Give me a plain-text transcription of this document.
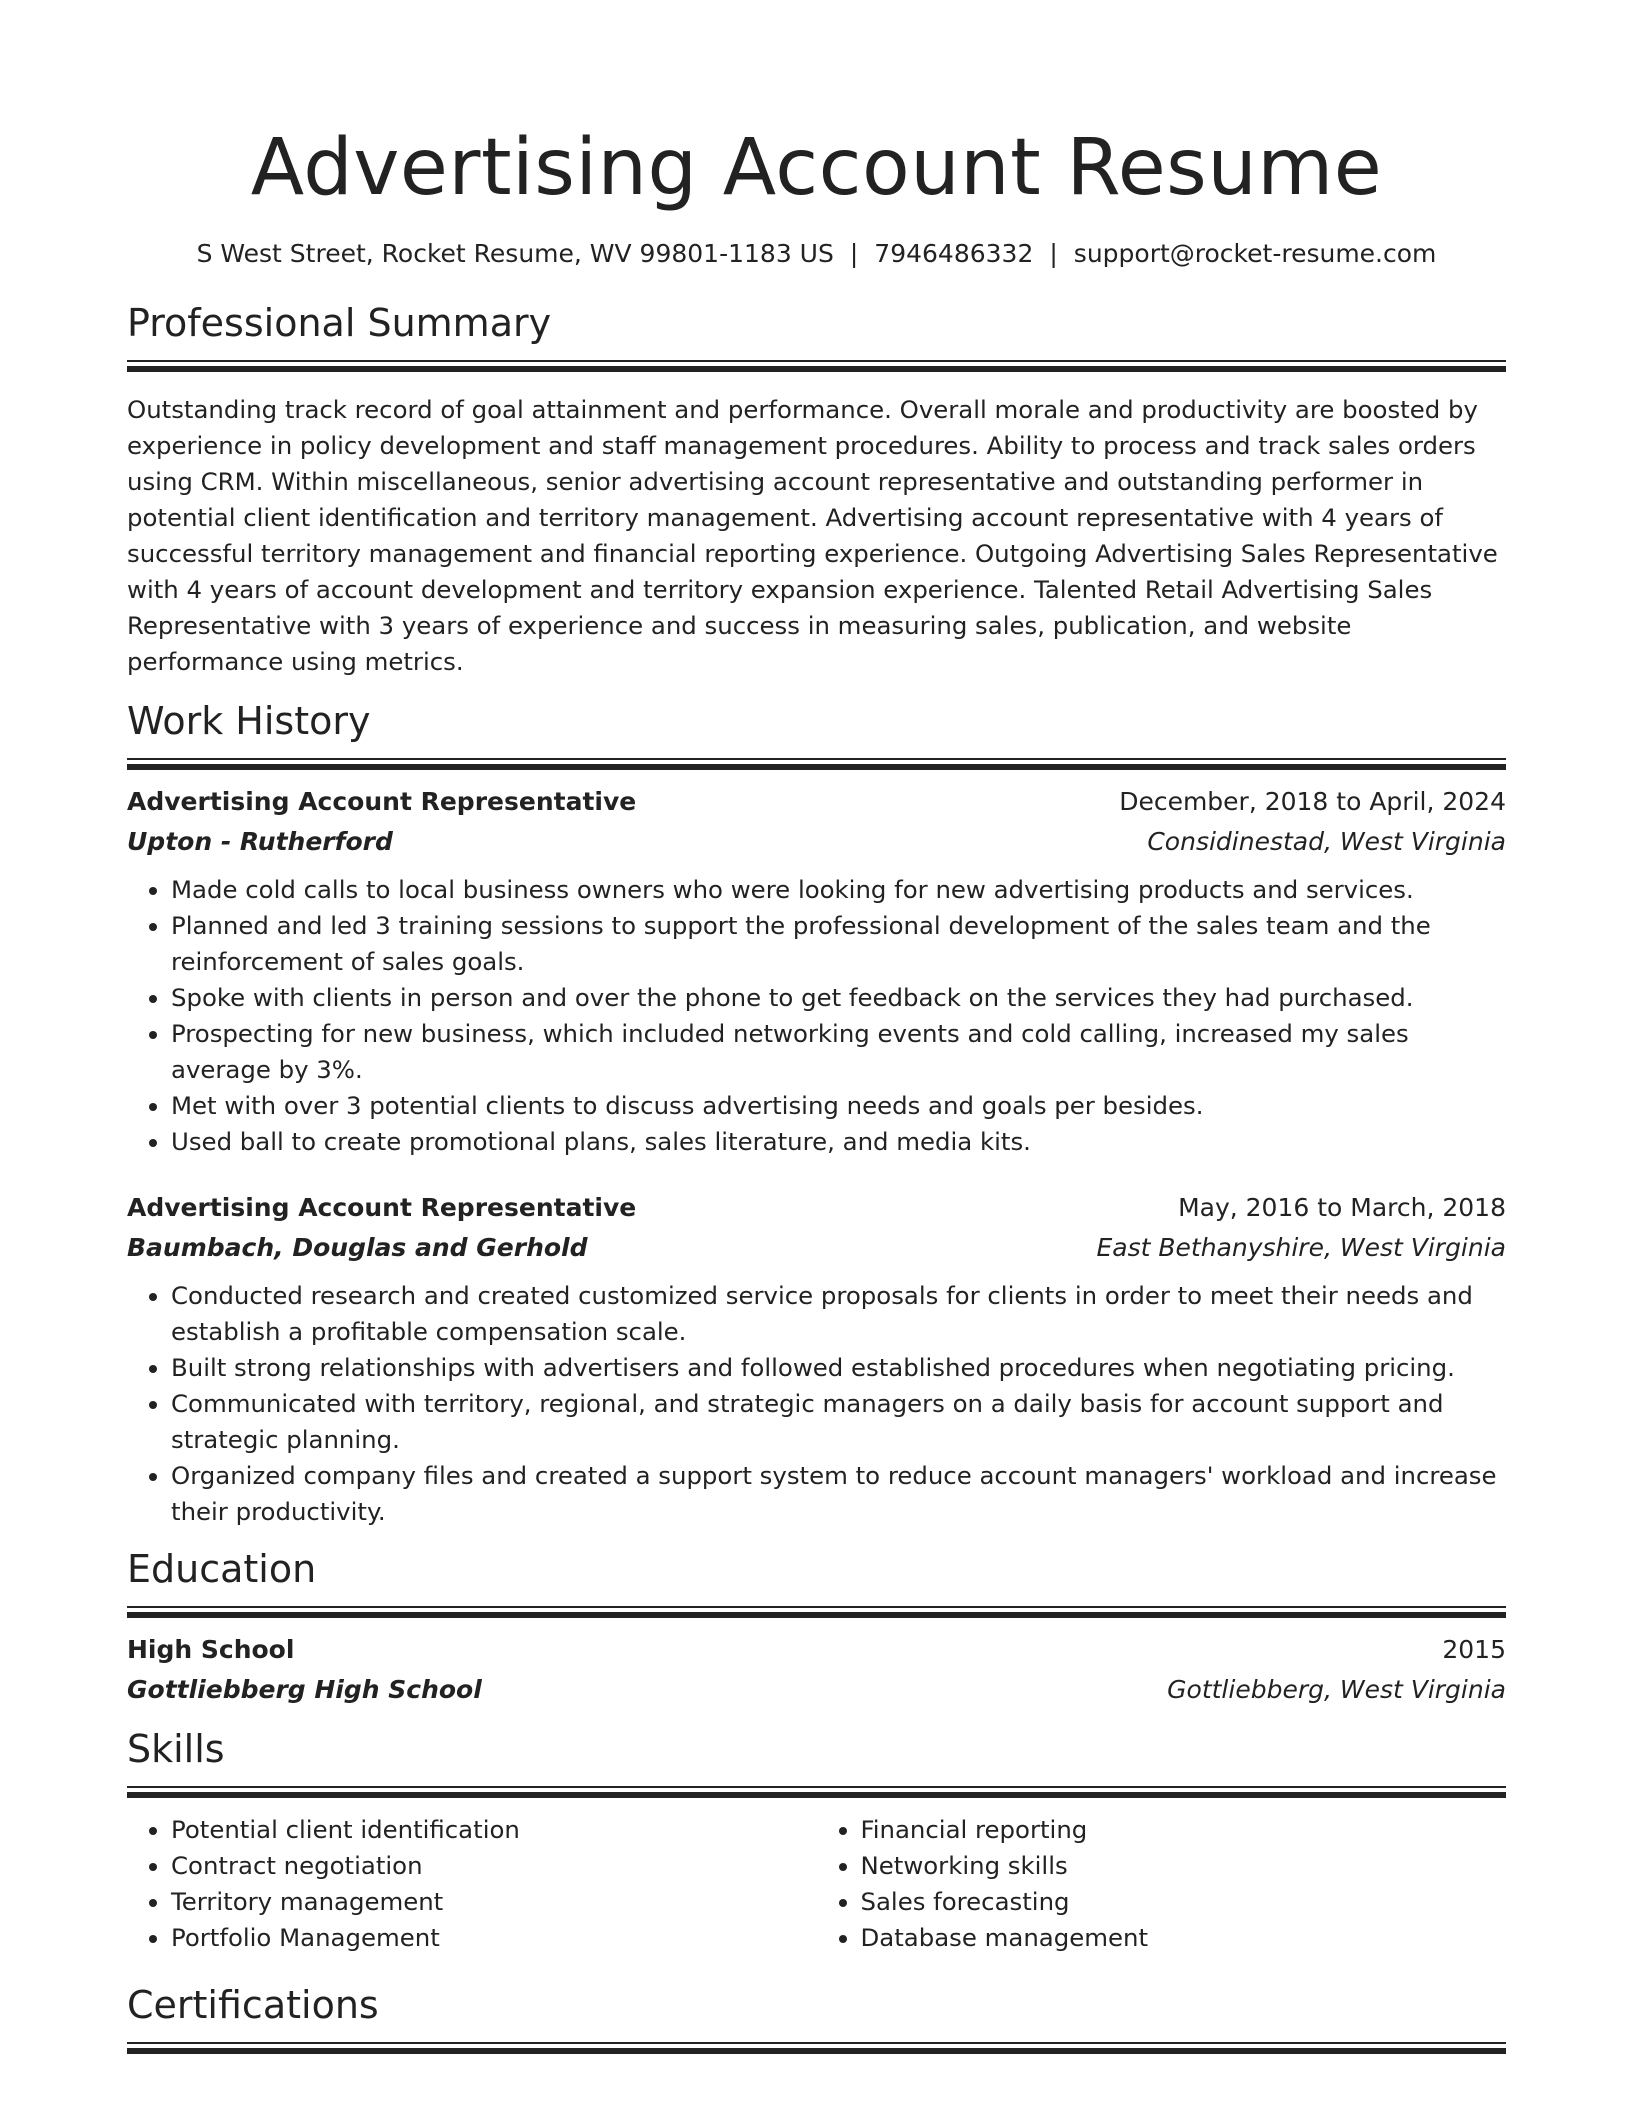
Advertising Account Resume
S West Street, Rocket Resume, WV 99801-1183 US | 7946486332 | support@rocket-resume.com
Professional Summary

Outstanding track record of goal attainment and performance. Overall morale and productivity are boosted by experience in policy development and staff management procedures. Ability to process and track sales orders using CRM. Within miscellaneous, senior advertising account representative and outstanding performer in potential client identification and territory management. Advertising account representative with 4 years of successful territory management and financial reporting experience. Outgoing Advertising Sales Representative with 4 years of account development and territory expansion experience. Talented Retail Advertising Sales Representative with 3 years of experience and success in measuring sales, publication, and website performance using metrics.

Work History
Advertising Account Representative	December, 2018 to April, 2024
Upton - Rutherford	Considinestad, West Virginia
• Made cold calls to local business owners who were looking for new advertising products and services.
• Planned and led 3 training sessions to support the professional development of the sales team and the reinforcement of sales goals.
• Spoke with clients in person and over the phone to get feedback on the services they had purchased.
• Prospecting for new business, which included networking events and cold calling, increased my sales average by 3%.
• Met with over 3 potential clients to discuss advertising needs and goals per besides.
• Used ball to create promotional plans, sales literature, and media kits.
Advertising Account Representative	May, 2016 to March, 2018
Baumbach, Douglas and Gerhold	East Bethanyshire, West Virginia
• Conducted research and created customized service proposals for clients in order to meet their needs and establish a profitable compensation scale.
• Built strong relationships with advertisers and followed established procedures when negotiating pricing.
• Communicated with territory, regional, and strategic managers on a daily basis for account support and strategic planning.
• Organized company files and created a support system to reduce account managers' workload and increase their productivity.
Education
High School	2015
Gottliebberg High School	Gottliebberg, West Virginia
Skills
• Potential client identification
• Contract negotiation
• Territory management
• Portfolio Management
• Financial reporting
• Networking skills
• Sales forecasting
• Database management
Certifications
